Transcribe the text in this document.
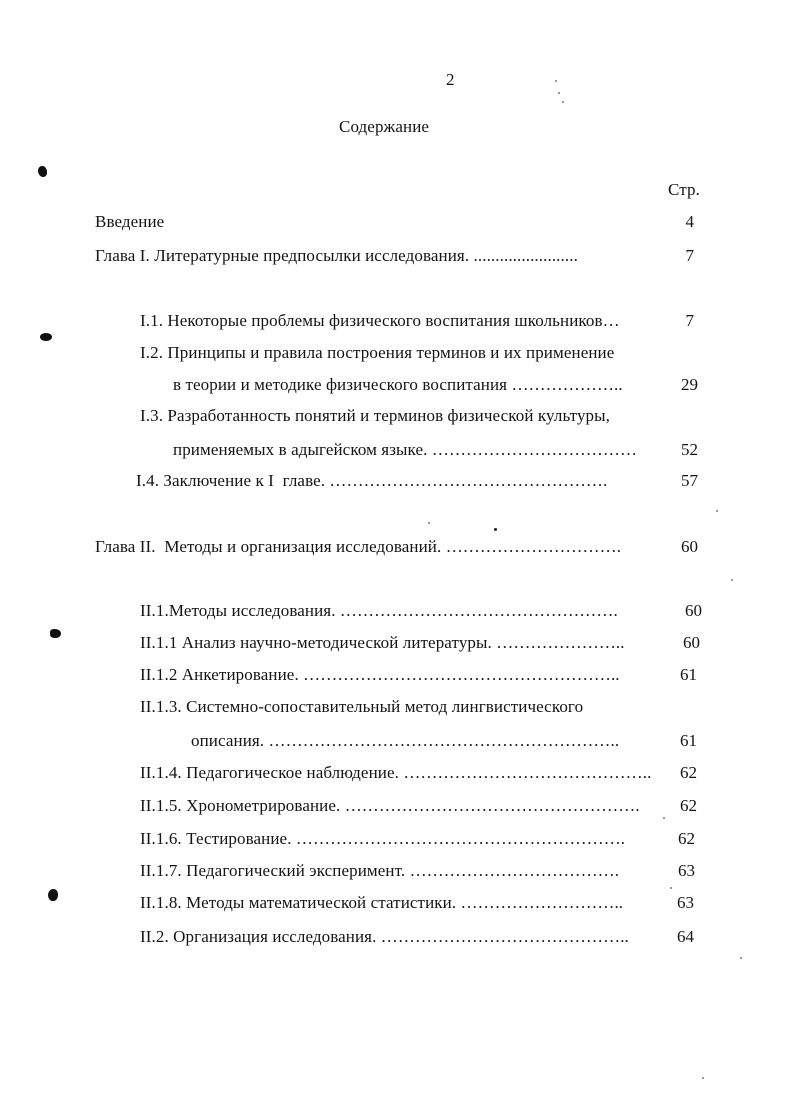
2
Содержание
Стр.
Введение	4
Глава I. Литературные предпосылки исследования. ........................	7
I.1. Некоторые проблемы физического воспитания школьников…	7
I.2. Принципы и правила построения терминов и их применение
в теории и методике физического воспитания ………………..	29
I.3. Разработанность понятий и терминов физической культуры,
применяемых в адыгейском языке. ………………………………	52
I.4. Заключение к I  главе. ………………………………………….	57
Глава II.  Методы и организация исследований. ………………………….	60
II.1.Методы исследования. ………………………………………….	60
II.1.1 Анализ научно-методической литературы. …………………..	60
II.1.2 Анкетирование. ………………………………………………..	61
II.1.3. Системно-сопоставительный метод лингвистического
описания. ……………………………………………………..	61
II.1.4. Педагогическое наблюдение. ……………………………………..	62
II.1.5. Хронометрирование. …………………………………………….	62
II.1.6. Тестирование. ………………………………………………….	62
II.1.7. Педагогический эксперимент. ……………………………….	63
II.1.8. Методы математической статистики. ………………………..	63
II.2. Организация исследования. ……………………………………..	64
